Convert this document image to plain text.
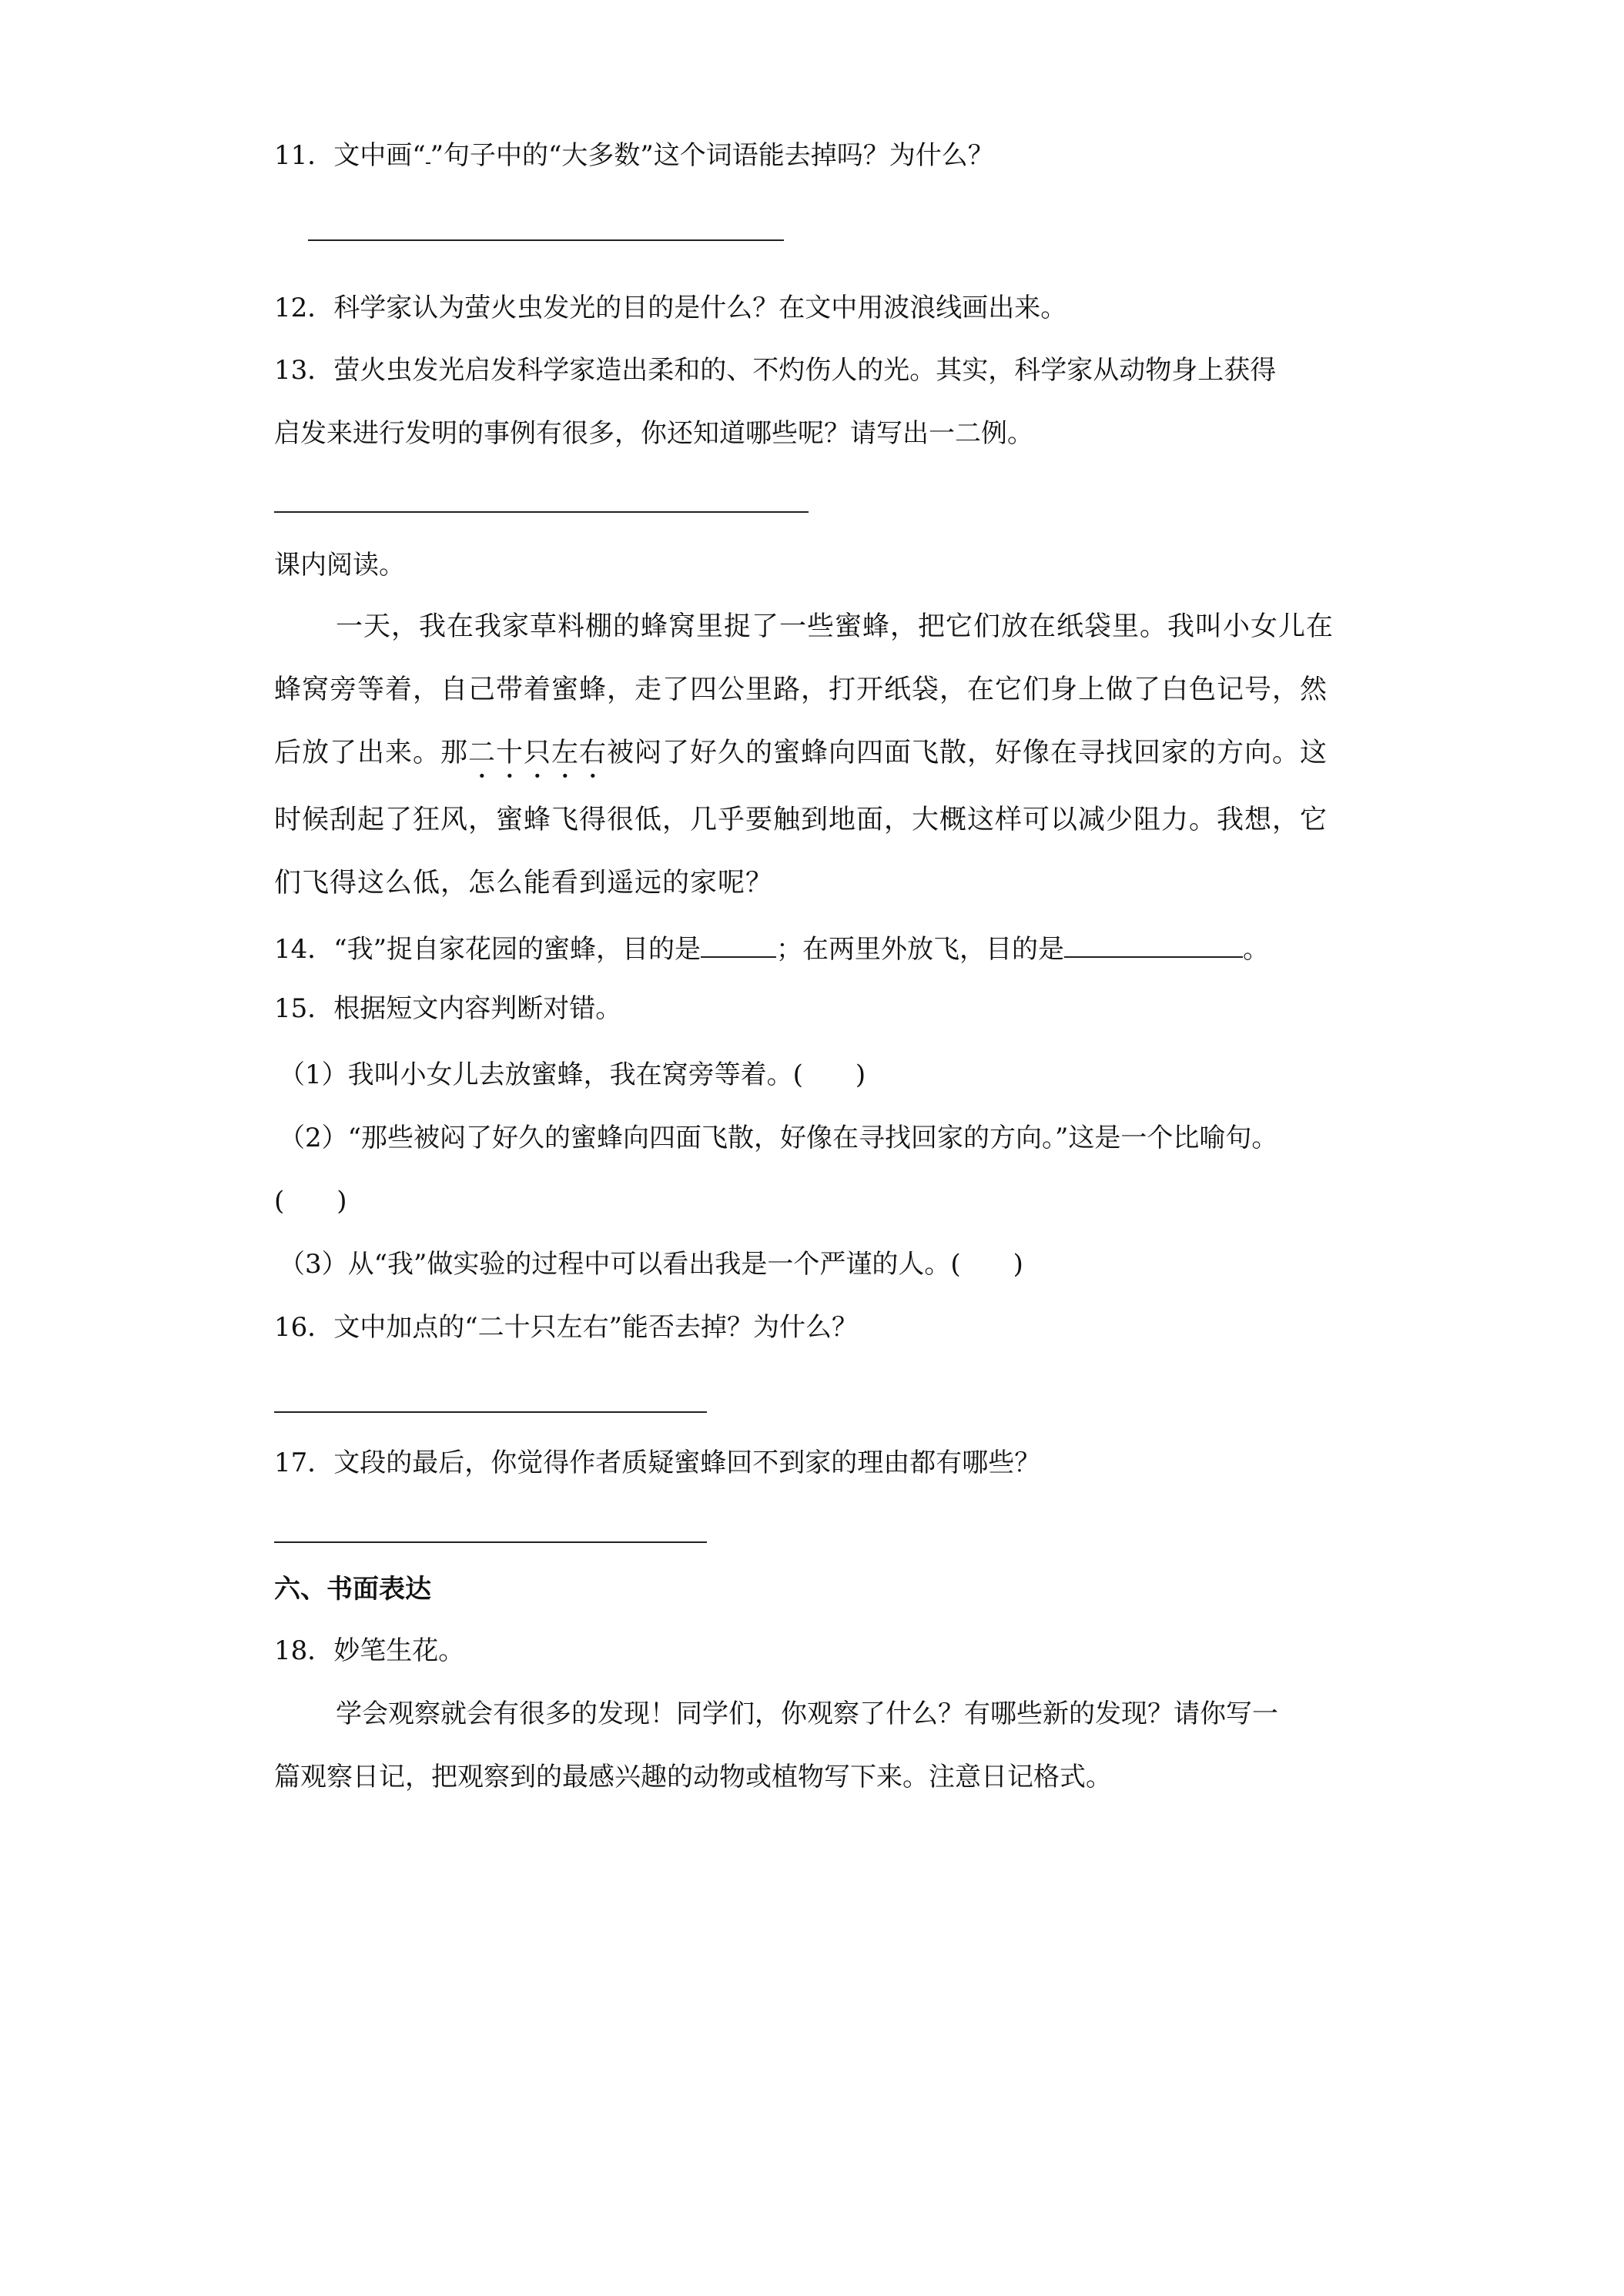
11．文中画“ ”句子中的“大多数”这个词语能去掉吗？为什么？
12．科学家认为萤火虫发光的目的是什么？在文中用波浪线画出来。
13．萤火虫发光启发科学家造出柔和的、不灼伤人的光。其实，科学家从动物身上获得
启发来进行发明的事例有很多，你还知道哪些呢？请写出一二例。
课内阅读。
一天，我在我家草料棚的蜂窝里捉了一些蜜蜂，把它们放在纸袋里。我叫小女儿在
蜂窝旁等着，自己带着蜜蜂，走了四公里路，打开纸袋，在它们身上做了白色记号，然
后放了出来。那二十只左右被闷了好久的蜜蜂向四面飞散，好像在寻找回家的方向。这
时候刮起了狂风，蜜蜂飞得很低，几乎要触到地面，大概这样可以减少阻力。我想，它
们飞得这么低，怎么能看到遥远的家呢？
14．“我”捉自家花园的蜜蜂，目的是	；在两里外放飞，目的是	。
15．根据短文内容判断对错。
（1）我叫小女儿去放蜜蜂，我在窝旁等着。(　　)
（2）“那些被闷了好久的蜜蜂向四面飞散，好像在寻找回家的方向。”这是一个比喻句。
(　　)
（3）从“我”做实验的过程中可以看出我是一个严谨的人。(　　)
16．文中加点的“二十只左右”能否去掉？为什么？
17．文段的最后，你觉得作者质疑蜜蜂回不到家的理由都有哪些？
六、书面表达
18．妙笔生花。
学会观察就会有很多的发现！同学们，你观察了什么？有哪些新的发现？请你写一
篇观察日记，把观察到的最感兴趣的动物或植物写下来。注意日记格式。
